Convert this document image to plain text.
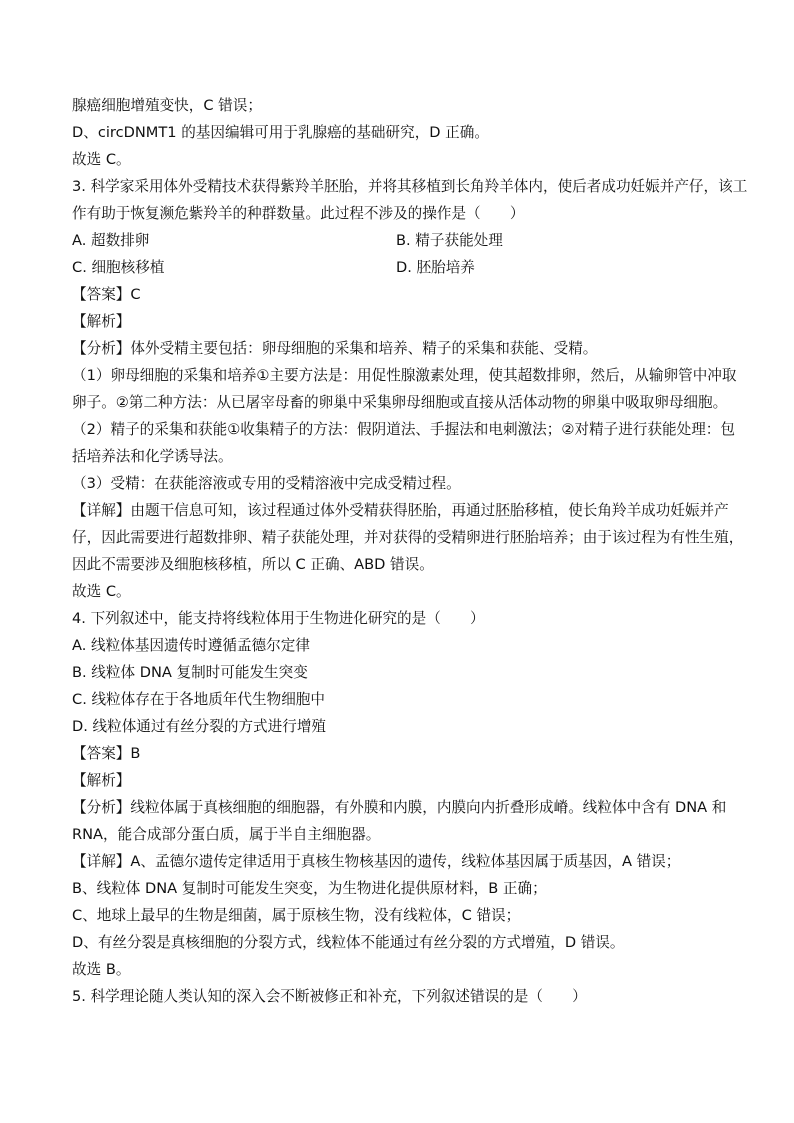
腺癌细胞增殖变快，C 错误；
D、circDNMT1 的基因编辑可用于乳腺癌的基础研究，D 正确。
故选 C。
3. 科学家采用体外受精技术获得紫羚羊胚胎，并将其移植到长角羚羊体内，使后者成功妊娠并产仔，该工
作有助于恢复濒危紫羚羊的种群数量。此过程不涉及的操作是（　　）
A. 超数排卵	B. 精子获能处理
C. 细胞核移植	D. 胚胎培养
【答案】C
【解析】
【分析】体外受精主要包括：卵母细胞的采集和培养、精子的采集和获能、受精。
（1）卵母细胞的采集和培养①主要方法是：用促性腺激素处理，使其超数排卵，然后，从输卵管中冲取
卵子。②第二种方法：从已屠宰母畜的卵巢中采集卵母细胞或直接从活体动物的卵巢中吸取卵母细胞。
（2）精子的采集和获能①收集精子的方法：假阴道法、手握法和电刺激法；②对精子进行获能处理：包
括培养法和化学诱导法。
（3）受精：在获能溶液或专用的受精溶液中完成受精过程。
【详解】由题干信息可知，该过程通过体外受精获得胚胎，再通过胚胎移植，使长角羚羊成功妊娠并产
仔，因此需要进行超数排卵、精子获能处理，并对获得的受精卵进行胚胎培养；由于该过程为有性生殖，
因此不需要涉及细胞核移植，所以 C 正确、ABD 错误。
故选 C。
4. 下列叙述中，能支持将线粒体用于生物进化研究的是（　　）
A. 线粒体基因遗传时遵循孟德尔定律
B. 线粒体 DNA 复制时可能发生突变
C. 线粒体存在于各地质年代生物细胞中
D. 线粒体通过有丝分裂的方式进行增殖
【答案】B
【解析】
【分析】线粒体属于真核细胞的细胞器，有外膜和内膜，内膜向内折叠形成嵴。线粒体中含有 DNA 和
RNA，能合成部分蛋白质，属于半自主细胞器。
【详解】A、孟德尔遗传定律适用于真核生物核基因的遗传，线粒体基因属于质基因，A 错误；
B、线粒体 DNA 复制时可能发生突变，为生物进化提供原材料，B 正确；
C、地球上最早的生物是细菌，属于原核生物，没有线粒体，C 错误；
D、有丝分裂是真核细胞的分裂方式，线粒体不能通过有丝分裂的方式增殖，D 错误。
故选 B。
5. 科学理论随人类认知的深入会不断被修正和补充，下列叙述错误的是（　　）
